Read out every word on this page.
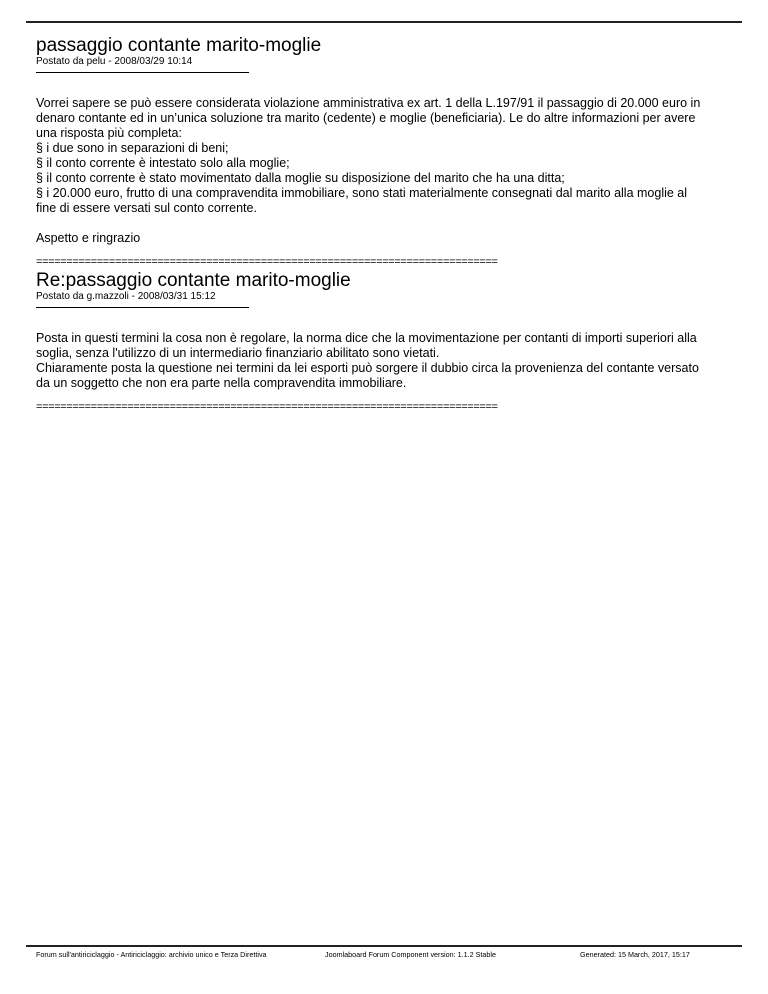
passaggio contante marito-moglie
Postato da pelu - 2008/03/29 10:14
Vorrei sapere se può essere considerata violazione amministrativa ex art. 1 della L.197/91 il passaggio di 20.000 euro in
denaro contante ed in un’unica soluzione tra marito (cedente) e moglie (beneficiaria). Le do altre informazioni per avere
una risposta più completa:
§ i due sono in separazioni di beni;
§ il conto corrente è intestato solo alla moglie;
§ il conto corrente è stato movimentato dalla moglie su disposizione del marito che ha una ditta;
§ i 20.000 euro, frutto di una compravendita immobiliare, sono stati materialmente consegnati dal marito alla moglie al
fine di essere versati sul conto corrente.
Aspetto e ringrazio
============================================================================
Re:passaggio contante marito-moglie
Postato da g.mazzoli - 2008/03/31 15:12
Posta in questi termini la cosa non è regolare, la norma dice che la movimentazione per contanti di importi superiori alla
soglia, senza l'utilizzo di un intermediario finanziario abilitato sono vietati.
Chiaramente posta la questione nei termini da lei esporti può sorgere il dubbio circa la provenienza del contante versato
da un soggetto che non era parte nella compravendita immobiliare.
============================================================================
Forum sull'antiriciclaggio - Antiriciclaggio: archivio unico e Terza Direttiva	Joomlaboard Forum Component version: 1.1.2 Stable	Generated: 15 March, 2017, 15:17
